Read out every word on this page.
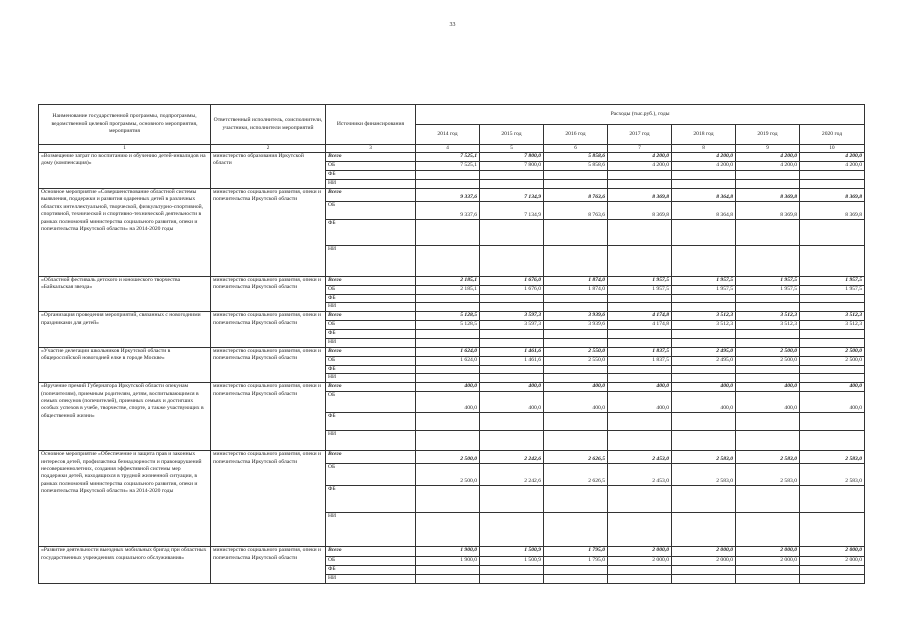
33
Наименование государственной программы, подпрограммы, ведомственной целевой программы, основного мероприятия, мероприятия	Ответственный исполнитель, соисполнители, участники, исполнители мероприятий	Источники финансирования	Расходы (тыс.руб.), годы						
			2014 год	2015 год	2016 год	2017 год	2018 год	2019 год	2020 год
1	2	3	4	5	6	7	8	9	10
«Возмещение затрат по воспитанию и обучению детей-инвалидов на дому (компенсация)»	министерство образования Иркутской области	Всего	7 525,1	7 800,0	5 858,6	4 200,0	4 200,0	4 200,0	4 200,0
		ОБ	7 525,1	7 800,0	5 858,6	4 200,0	4 200,0	4 200,0	4 200,0
		ФБ							
		НИ							
Основное мероприятие «Совершенствование областной системы выявления, поддержки и развития одаренных детей в различных областях интеллектуальной, творческой, физкультурно-спортивной, спортивной, технической и спортивно-технической деятельности в рамках полномочий министерства социального развития, опеки и попечительства Иркутской области» на 2014-2020 годы	министерство социального развития, опеки и попечительства Иркутской области	Всего	9 337,6	7 134,9	8 763,6	8 369,8	8 364,8	8 369,8	8 369,8
		ОБ	9 337,6	7 134,9	8 763,6	8 369,8	8 364,8	8 369,8	8 369,8
		ФБ							
		НИ							
«Областной фестиваль детского и юношеского творчества «Байкальская звезда»	министерство социального развития, опеки и попечительства Иркутской области	Всего	2 185,1	1 676,0	1 874,0	1 957,5	1 957,5	1 957,5	1 957,5
		ОБ	2 185,1	1 676,0	1 874,0	1 957,5	1 957,5	1 957,5	1 957,5
		ФБ							
		НИ							
«Организация проведения мероприятий, связанных с новогодними праздниками для детей»	министерство социального развития, опеки и попечительства Иркутской области	Всего	5 128,5	3 597,3	3 939,6	4 174,8	3 512,3	3 512,3	3 512,3
		ОБ	5 128,5	3 597,3	3 939,6	4 174,8	3 512,3	3 512,3	3 512,3
		ФБ							
		НИ							
«Участие делегации школьников Иркутской области в общероссийской новогодней елке в городе Москве»	министерство социального развития, опеки и попечительства Иркутской области	Всего	1 624,0	1 461,6	2 550,0	1 837,5	2 495,0	2 500,0	2 500,0
		ОБ	1 624,0	1 461,6	2 550,0	1 837,5	2 495,0	2 500,0	2 500,0
		ФБ							
		НИ							
«Вручение премий Губернатора Иркутской области опекунам (попечителям), приемным родителям, детям, воспитывающимся в семьях опекунов (попечителей), приемных семьях и достигших особых успехов в учебе, творчестве, спорте, а также участвующих в общественной жизни»	министерство социального развития, опеки и попечительства Иркутской области	Всего	400,0	400,0	400,0	400,0	400,0	400,0	400,0
		ОБ	400,0	400,0	400,0	400,0	400,0	400,0	400,0
		ФБ							
		НИ							
Основное мероприятие «Обеспечение и защита прав и законных интересов детей, профилактика безнадзорности и правонарушений несовершеннолетних, создания эффективной системы мер поддержки детей, находящихся в трудной жизненной ситуации, в рамках полномочий министерства социального развития, опеки и попечительства Иркутской области» на 2014-2020 годы	министерство социального развития, опеки и попечительства Иркутской области	Всего	2 500,0	2 242,6	2 626,5	2 453,0	2 583,0	2 583,0	2 583,0
		ОБ	2 500,0	2 242,6	2 626,5	2 453,0	2 583,0	2 583,0	2 583,0
		ФБ							
		НИ							
«Развитие деятельности выездных мобильных бригад при областных государственных учреждениях социального обслуживания»	министерство социального развития, опеки и попечительства Иркутской области	Всего	1 900,0	1 500,9	1 795,0	2 000,0	2 000,0	2 000,0	2 000,0
		ОБ	1 900,0	1 500,9	1 795,0	2 000,0	2 000,0	2 000,0	2 000,0
		ФБ							
		НИ							
